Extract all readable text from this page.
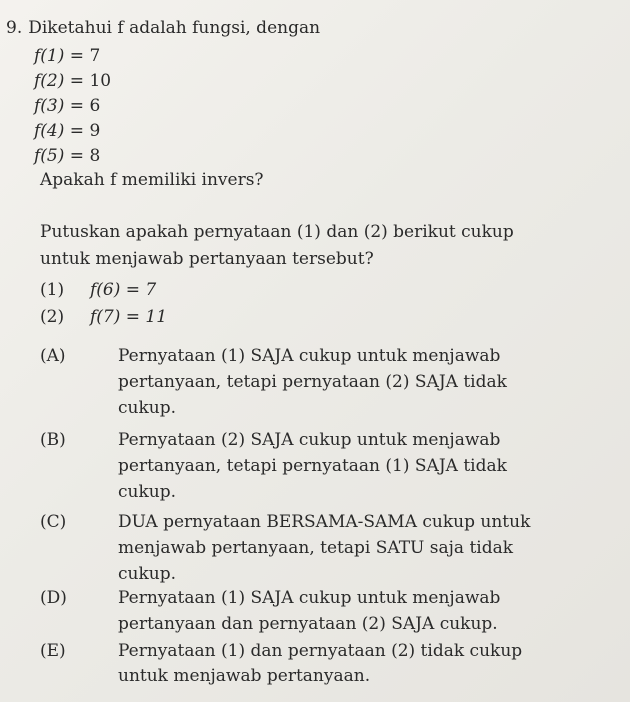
9. Diketahui f adalah fungsi, dengan
f(1) = 7
f(2) = 10
f(3) = 6
f(4) = 9
f(5) = 8
Apakah f memiliki invers?
Putuskan apakah pernyataan (1) dan (2) berikut cukup
untuk menjawab pertanyaan tersebut?
(1) f(6) = 7
(2) f(7) = 11
(A)	Pernyataan (1) SAJA cukup untuk menjawab
pertanyaan, tetapi pernyataan (2) SAJA tidak
cukup.
(B)	Pernyataan (2) SAJA cukup untuk menjawab
pertanyaan, tetapi pernyataan (1) SAJA tidak
cukup.
(C)	DUA pernyataan BERSAMA-SAMA cukup untuk
menjawab pertanyaan, tetapi SATU saja tidak
cukup.
(D)	Pernyataan (1) SAJA cukup untuk menjawab
pertanyaan dan pernyataan (2) SAJA cukup.
(E)	Pernyataan (1) dan pernyataan (2) tidak cukup
untuk menjawab pertanyaan.
